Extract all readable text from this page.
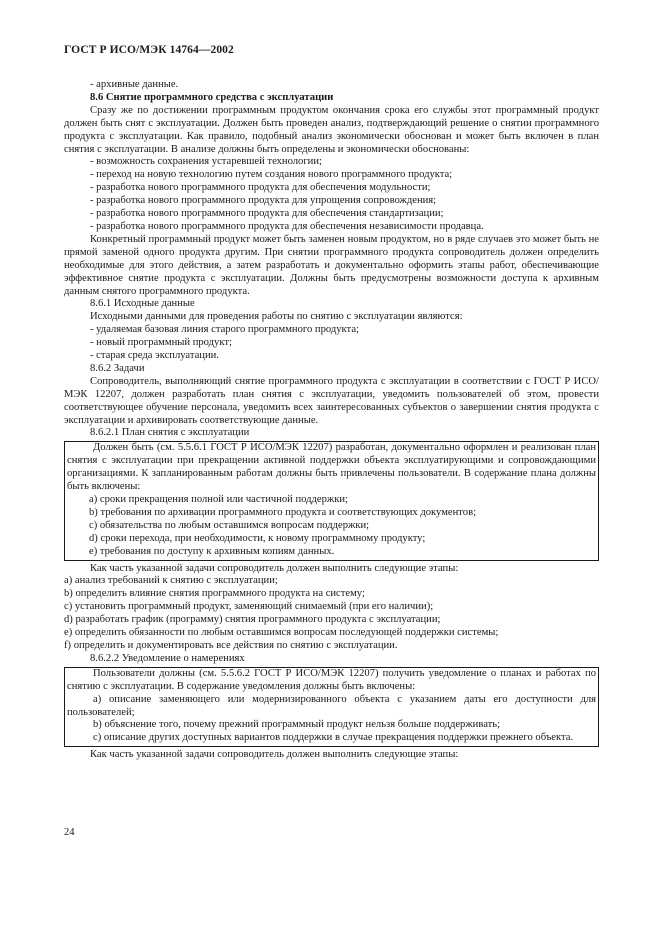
ГОСТ Р ИСО/МЭК 14764—2002
- архивные данные.
8.6 Снятие программного средства с эксплуатации

Сразу же по достижении программным продуктом окончания срока его службы этот программный продукт должен быть снят с эксплуатации. Должен быть проведен анализ, подтверждающий решение о снятии программного продукта с эксплуатации. Как правило, подобный анализ экономически обоснован и может быть включен в план снятия с эксплуатации. В анализе должны быть определены и экономически обоснованы:

- возможность сохранения устаревшей технологии;
- переход на новую технологию путем создания нового программного продукта;
- разработка нового программного продукта для обеспечения модульности;
- разработка нового программного продукта для упрощения сопровождения;
- разработка нового программного продукта для обеспечения стандартизации;
- разработка нового программного продукта для обеспечения независимости продавца.

Конкретный программный продукт может быть заменен новым продуктом, но в ряде случаев это может быть не прямой заменой одного продукта другим. При снятии программного продукта сопроводитель должен определить необходимые для этого действия, а затем разработать и документально оформить этапы работ, обеспечивающие эффективное снятие продукта с эксплуатации. Должны быть предусмотрены возможности доступа к архивным данным снятого программного продукта.

8.6.1 Исходные данные

Исходными данными для проведения работы по снятию с эксплуатации являются:

- удаляемая базовая линия старого программного продукта;
- новый программный продукт;
- старая среда эксплуатации.
8.6.2 Задачи

Сопроводитель, выполняющий снятие программного продукта с эксплуатации в соответствии с ГОСТ Р ИСО/МЭК 12207, должен разработать план снятия с эксплуатации, уведомить пользователей об этом, провести соответствующее обучение персонала, уведомить всех заинтересованных субъектов о завершении снятия продукта с эксплуатации и архивировать соответствующие данные.

8.6.2.1 План снятия с эксплуатации

Должен быть (см. 5.5.6.1 ГОСТ Р ИСО/МЭК 12207) разработан, документально оформлен и реализован план снятия с эксплуатации при прекращении активной поддержки объекта эксплуатирующими и сопровождающими организациями. К запланированным работам должны быть привлечены пользователи. В содержание плана должны быть включены:

a) сроки прекращения полной или частичной поддержки;
b) требования по архивации программного продукта и соответствующих документов;
c) обязательства по любым оставшимся вопросам поддержки;
d) сроки перехода, при необходимости, к новому программному продукту;
e) требования по доступу к архивным копиям данных.

Как часть указанной задачи сопроводитель должен выполнить следующие этапы:

a) анализ требований к снятию с эксплуатации;
b) определить влияние снятия программного продукта на систему;
c) установить программный продукт, заменяющий снимаемый (при его наличии);
d) разработать график (программу) снятия программного продукта с эксплуатации;
e) определить обязанности по любым оставшимся вопросам последующей поддержки системы;
f) определить и документировать все действия по снятию с эксплуатации.
8.6.2.2 Уведомление о намерениях

Пользователи должны (см. 5.5.6.2 ГОСТ Р ИСО/МЭК 12207) получить уведомление о планах и работах по снятию с эксплуатации. В содержание уведомления должны быть включены:

a) описание заменяющего или модернизированного объекта с указанием даты его доступности для пользователей;

b) объяснение того, почему прежний программный продукт нельзя больше поддерживать;

c) описание других доступных вариантов поддержки в случае прекращения поддержки прежнего объекта.

Как часть указанной задачи сопроводитель должен выполнить следующие этапы:

24
